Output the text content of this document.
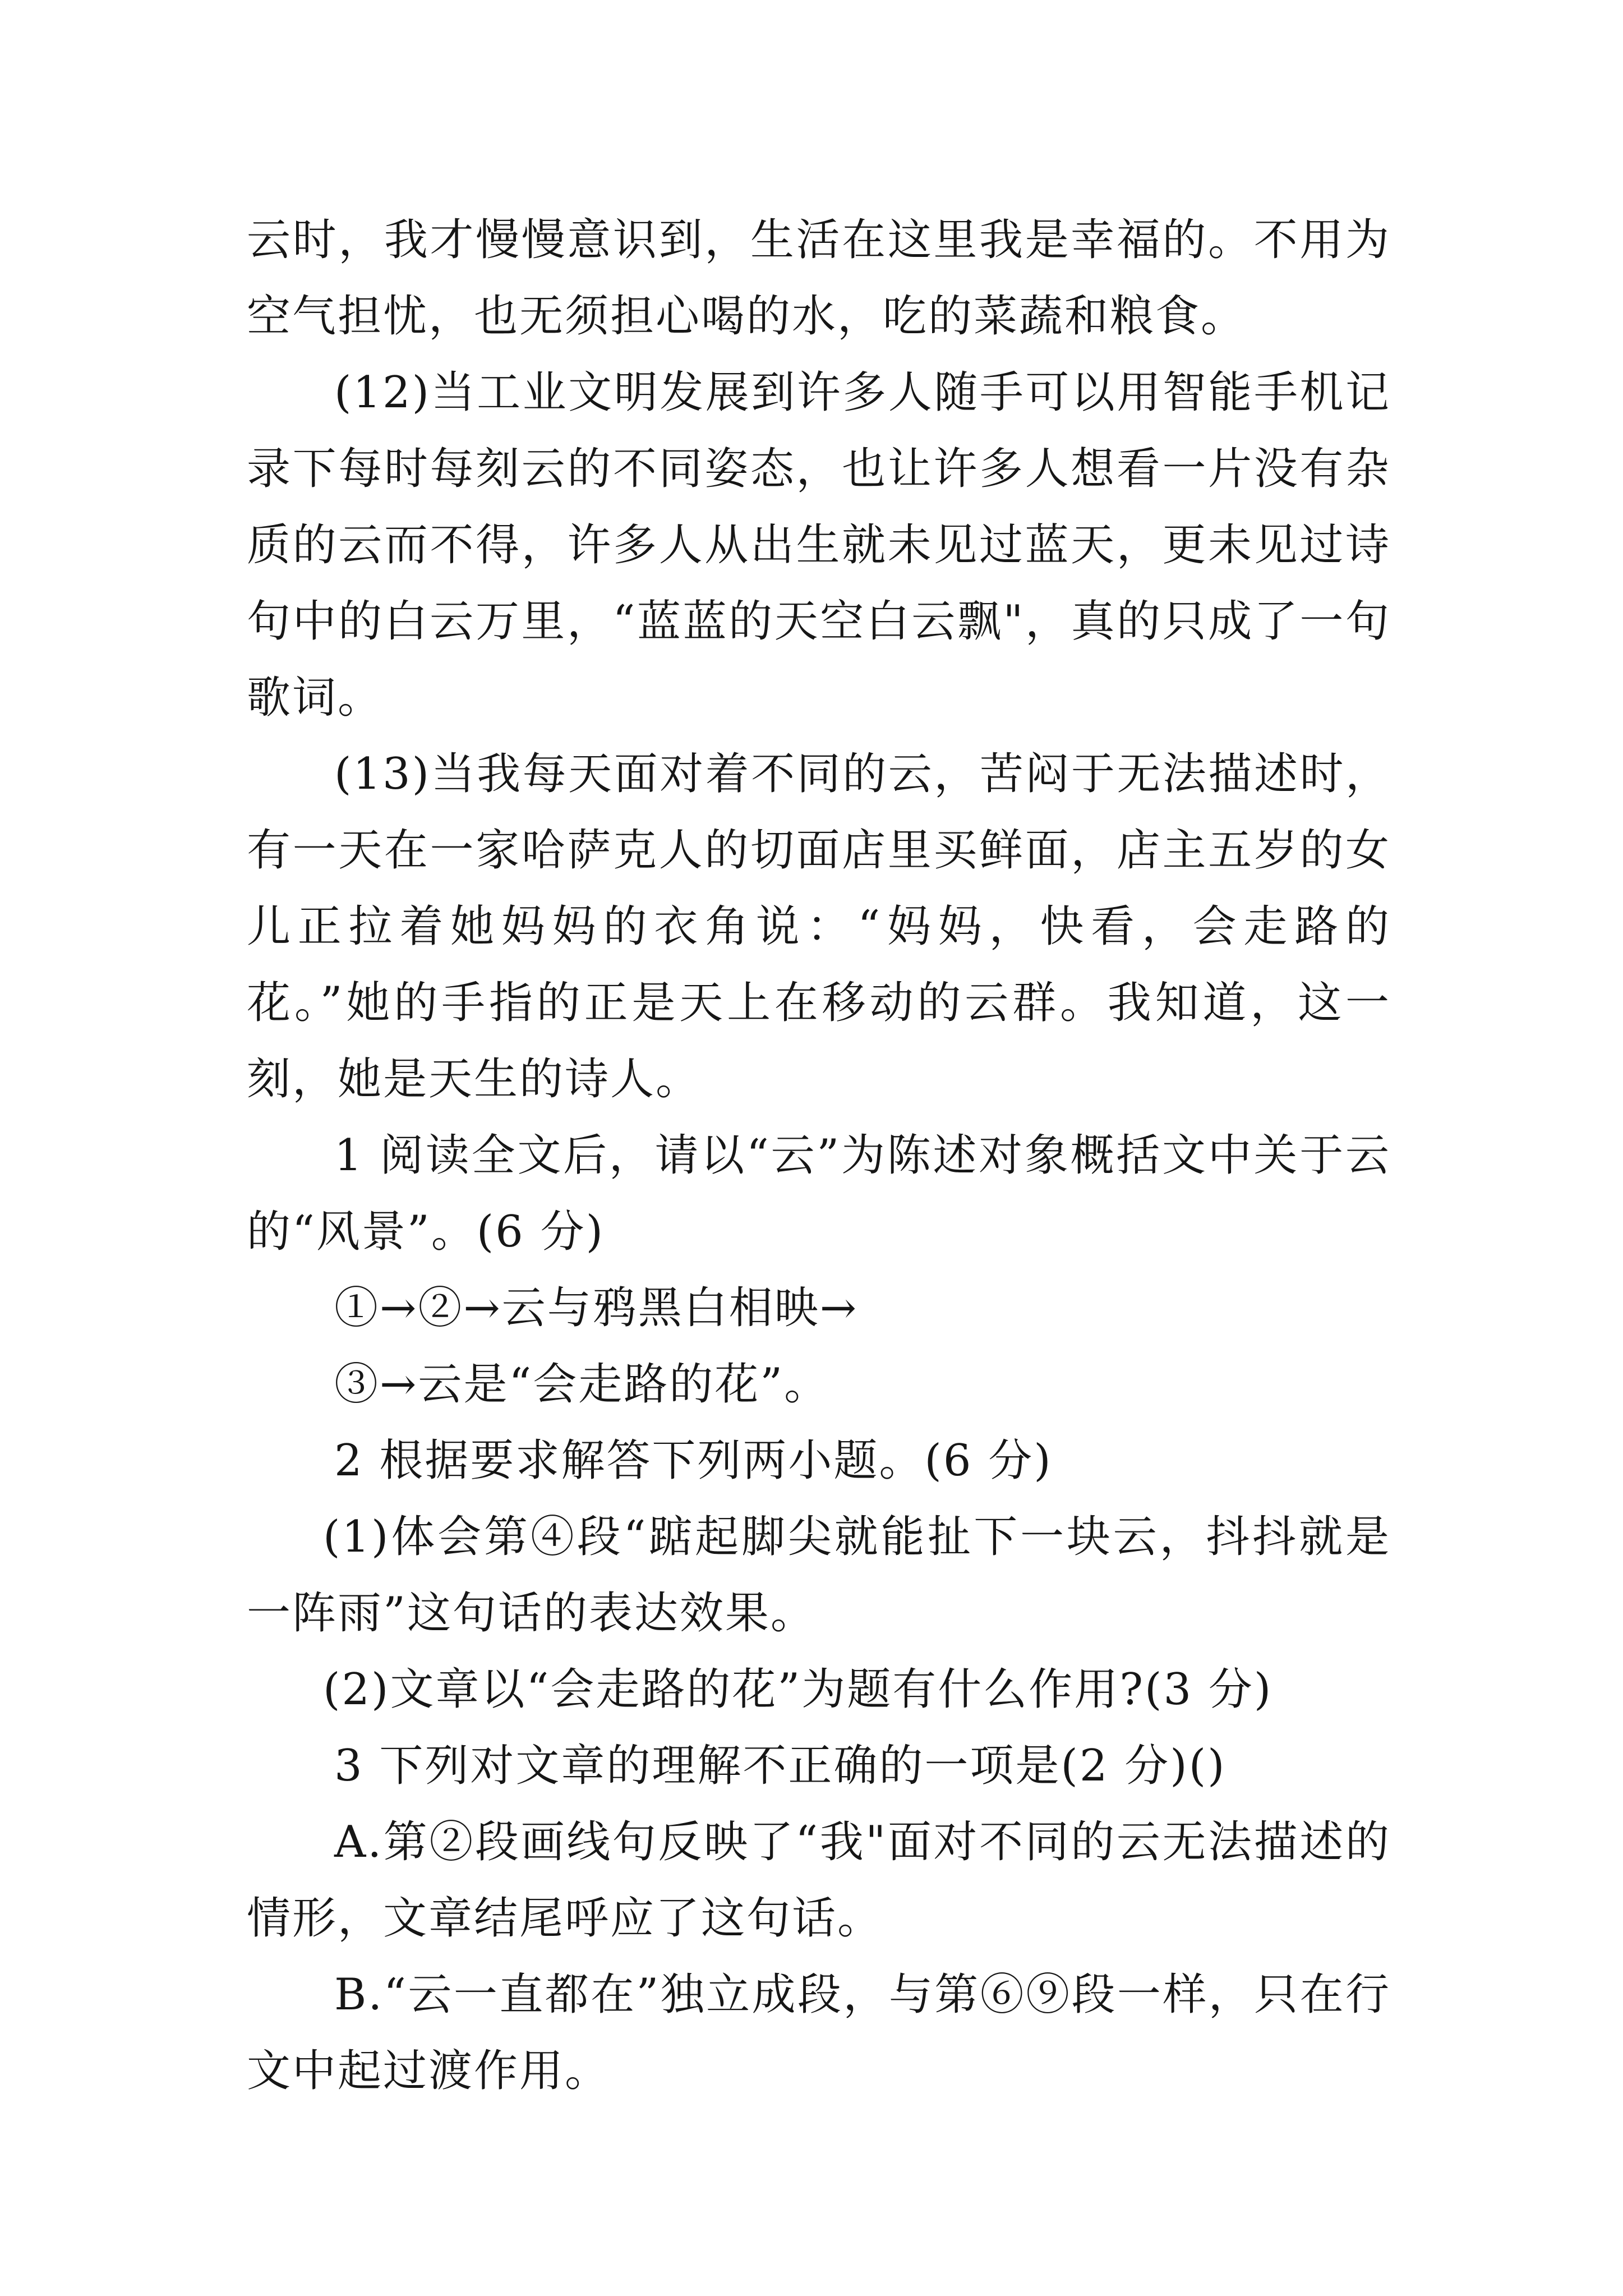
云时，我才慢慢意识到，生活在这里我是幸福的。不用为空气担忧，也无须担心喝的水，吃的菜蔬和粮食。

(12)当工业文明发展到许多人随手可以用智能手机记录下每时每刻云的不同姿态，也让许多人想看一片没有杂质的云而不得，许多人从出生就未见过蓝天，更未见过诗句中的白云万里，“蓝蓝的天空白云飘"，真的只成了一句歌词。

(13)当我每天面对着不同的云，苦闷于无法描述时，有一天在一家哈萨克人的切面店里买鲜面，店主五岁的女儿正拉着她妈妈的衣角说：“妈妈，快看，会走路的花。”她的手指的正是天上在移动的云群。我知道，这一刻，她是天生的诗人。

1 阅读全文后，请以“云”为陈述对象概括文中关于云的“风景”。(6 分)

①→②→云与鸦黑白相映→

③→云是“会走路的花”。

2 根据要求解答下列两小题。(6 分)

(1)体会第④段“踮起脚尖就能扯下一块云，抖抖就是一阵雨”这句话的表达效果。

(2)文章以“会走路的花”为题有什么作用?(3 分)

3 下列对文章的理解不正确的一项是(2 分)()

A.第②段画线句反映了“我"面对不同的云无法描述的情形，文章结尾呼应了这句话。

B.“云一直都在”独立成段，与第⑥⑨段一样，只在行文中起过渡作用。
